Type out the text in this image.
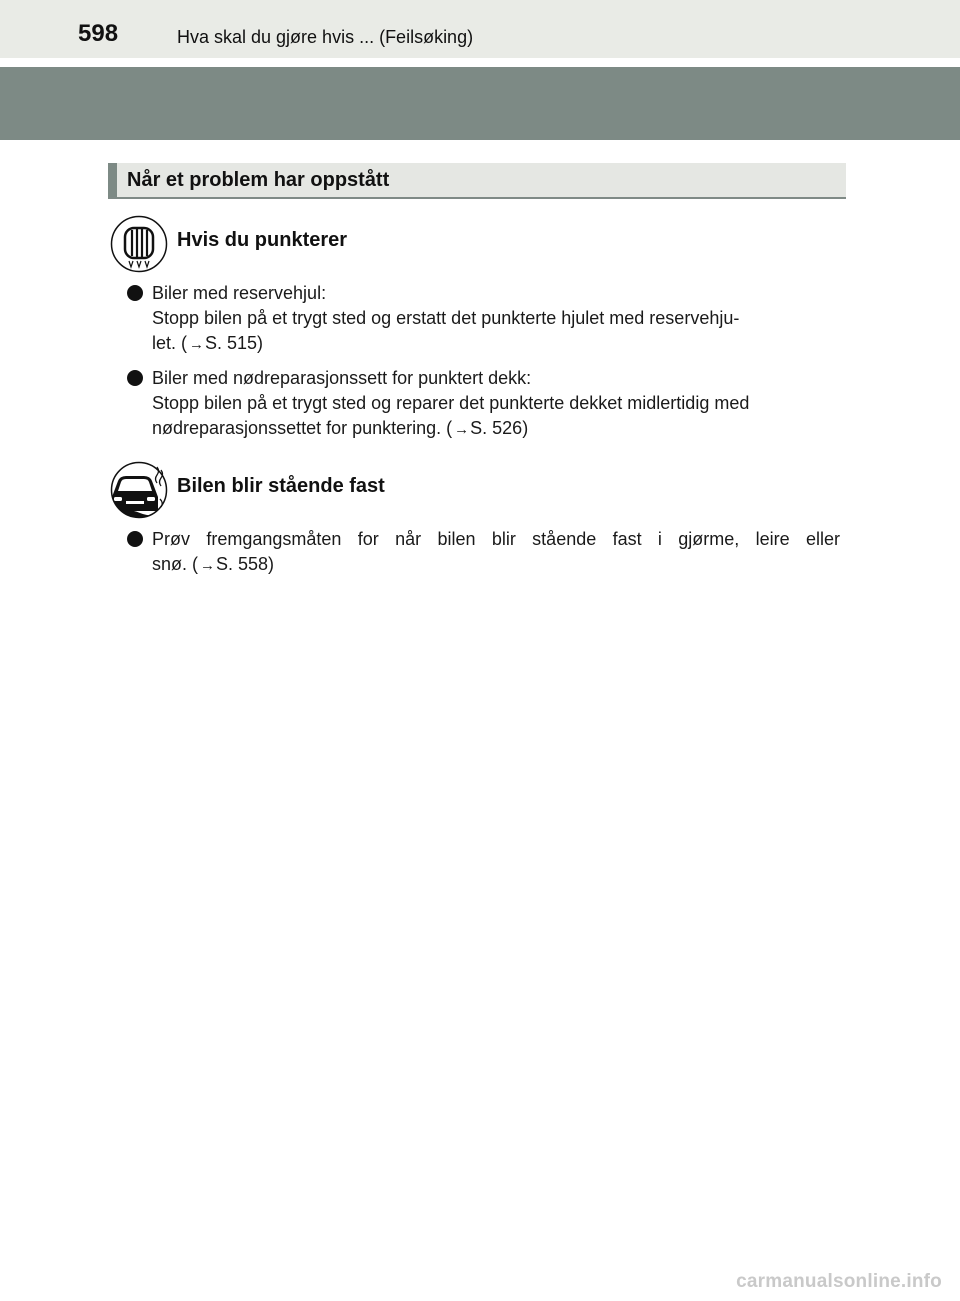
598	Hva skal du gjøre hvis ... (Feilsøking)
Når et problem har oppstått
Hvis du punkterer
Biler med reservehjul:
Stopp bilen på et trygt sted og erstatt det punkterte hjulet med reservehju-
let. ( →S. 515)
Biler med nødreparasjonssett for punktert dekk:
Stopp bilen på et trygt sted og reparer det punkterte dekket midlertidig med
nødreparasjonssettet for punktering. ( →S. 526)
Bilen blir stående fast
Prøv fremgangsmåten for når bilen blir stående fast i gjørme, leire eller
snø. ( →S. 558)
carmanualsonline.info
